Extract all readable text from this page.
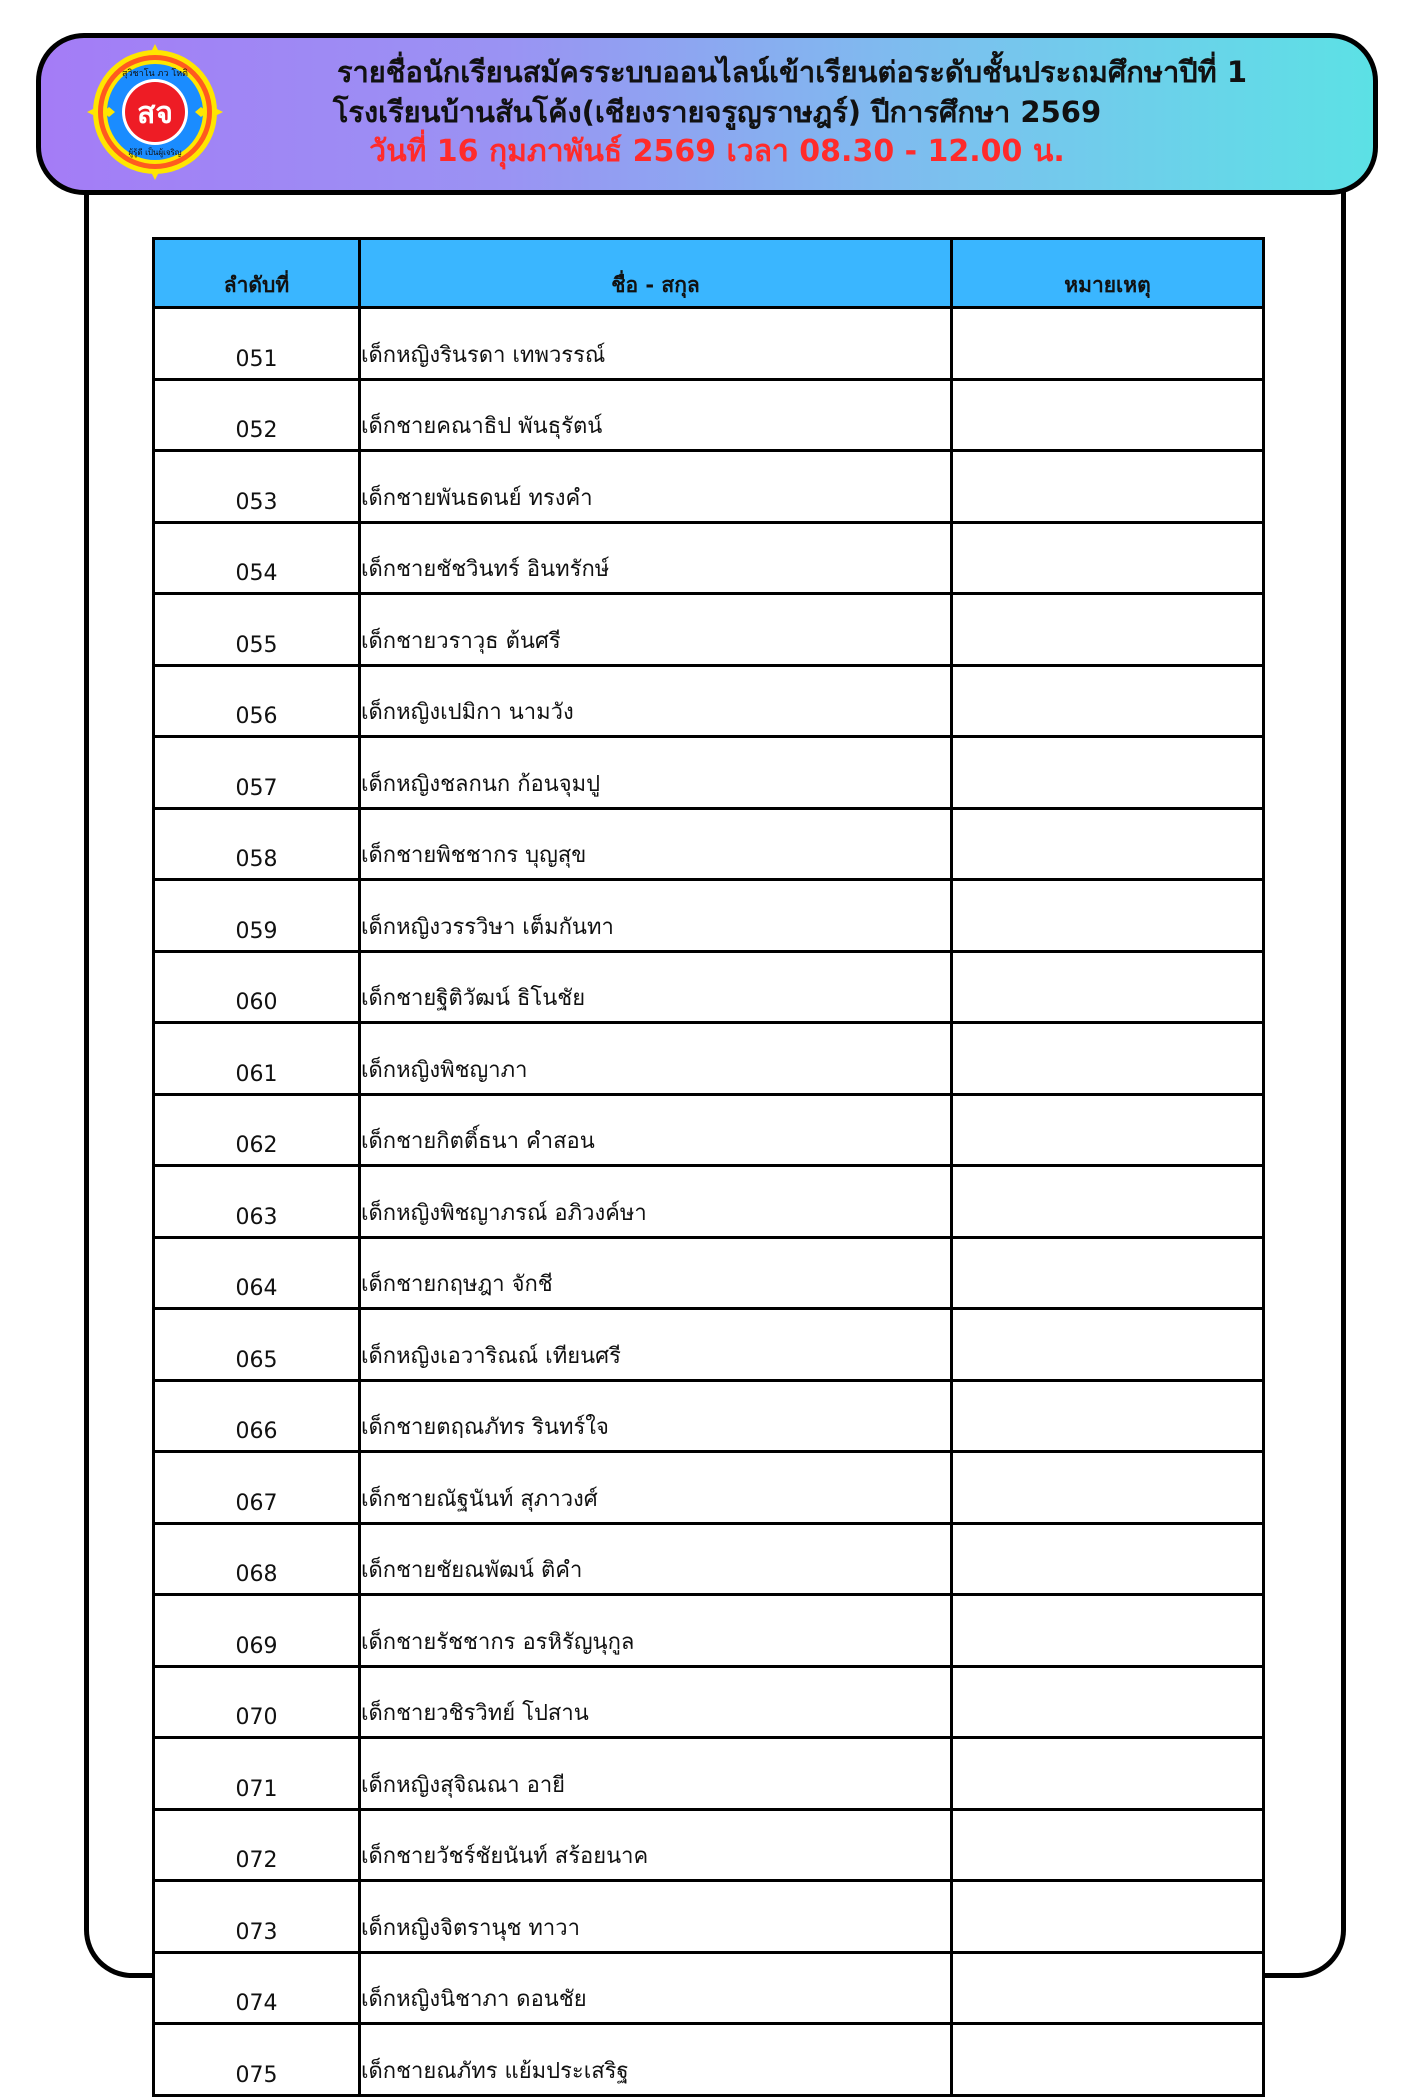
สจ
สุวิชาโน ภว โหติ
ผู้รู้ดี เป็นผู้เจริญ
รายชื่อนักเรียนสมัครระบบออนไลน์เข้าเรียนต่อระดับชั้นประถมศึกษาปีที่ 1
โรงเรียนบ้านสันโค้ง(เชียงรายจรูญราษฎร์) ปีการศึกษา 2569
วันที่ 16 กุมภาพันธ์ 2569 เวลา 08.30 - 12.00 น.
ลำดับที่	ชื่อ - สกุล	หมายเหตุ
051	เด็กหญิงรินรดา เทพวรรณ์	
052	เด็กชายคณาธิป พันธุรัตน์	
053	เด็กชายพันธดนย์ ทรงคำ	
054	เด็กชายชัชวินทร์ อินทรักษ์	
055	เด็กชายวราวุธ ต้นศรี	
056	เด็กหญิงเปมิกา นามวัง	
057	เด็กหญิงชลกนก ก้อนจุมปู	
058	เด็กชายพิชชากร บุญสุข	
059	เด็กหญิงวรรวิษา เต็มกันทา	
060	เด็กชายฐิติวัฒน์ ธิโนชัย	
061	เด็กหญิงพิชญาภา	
062	เด็กชายกิตติ์ธนา คำสอน	
063	เด็กหญิงพิชญาภรณ์ อภิวงค์ษา	
064	เด็กชายกฤษฎา จักชี	
065	เด็กหญิงเอวาริณณ์ เทียนศรี	
066	เด็กชายตฤณภัทร รินทร์ใจ	
067	เด็กชายณัฐนันท์ สุภาวงศ์	
068	เด็กชายชัยณพัฒน์ ติคำ	
069	เด็กชายรัชชากร อรหิรัญนุกูล	
070	เด็กชายวชิรวิทย์ โปสาน	
071	เด็กหญิงสุจิณณา อายี	
072	เด็กชายวัชร์ชัยนันท์ สร้อยนาค	
073	เด็กหญิงจิตรานุช ทาวา	
074	เด็กหญิงนิชาภา ดอนชัย	
075	เด็กชายณภัทร แย้มประเสริฐ	
